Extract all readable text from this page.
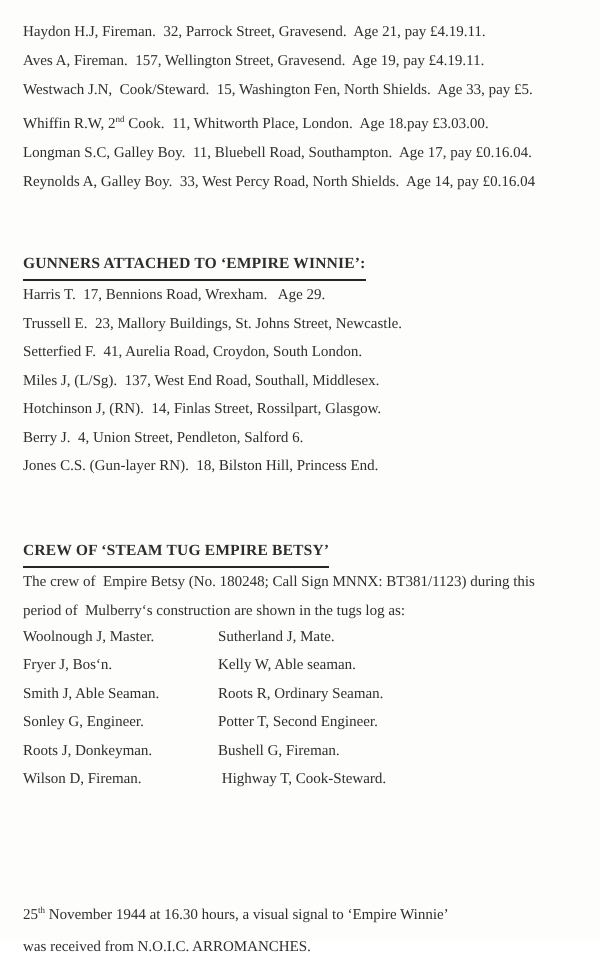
Haydon H.J, Fireman.  32, Parrock Street, Gravesend.  Age 21, pay £4.19.11.
Aves A, Fireman.  157, Wellington Street, Gravesend.  Age 19, pay £4.19.11.
Westwach J.N,  Cook/Steward.  15, Washington Fen, North Shields.  Age 33, pay £5.
Whiffin R.W, 2nd Cook.  11, Whitworth Place, London.  Age 18.pay £3.03.00.
Longman S.C, Galley Boy.  11, Bluebell Road, Southampton.  Age 17, pay £0.16.04.
Reynolds A, Galley Boy.  33, West Percy Road, North Shields.  Age 14, pay £0.16.04
GUNNERS ATTACHED TO ‘EMPIRE WINNIE’:
Harris T.  17, Bennions Road, Wrexham.   Age 29.
Trussell E.  23, Mallory Buildings, St. Johns Street, Newcastle.
Setterfied F.  41, Aurelia Road, Croydon, South London.
Miles J, (L/Sg).  137, West End Road, Southall, Middlesex.
Hotchinson J, (RN).  14, Finlas Street, Rossilpart, Glasgow.
Berry J.  4, Union Street, Pendleton, Salford 6.
Jones C.S. (Gun-layer RN).  18, Bilston Hill, Princess End.
CREW OF ‘STEAM TUG EMPIRE BETSY’
The crew of  Empire Betsy (No. 180248; Call Sign MNNX: BT381/1123) during this
period of  Mulberry‘s construction are shown in the tugs log as:
Woolnough J, Master.	Sutherland J, Mate.
Fryer J, Bos‘n.	Kelly W, Able seaman.
Smith J, Able Seaman.	Roots R, Ordinary Seaman.
Sonley G, Engineer.	Potter T, Second Engineer.
Roots J, Donkeyman.	Bushell G, Fireman.
Wilson D, Fireman.	Highway T, Cook-Steward.
25th November 1944 at 16.30 hours, a visual signal to ‘Empire Winnie’
was received from N.O.I.C. ARROMANCHES.
